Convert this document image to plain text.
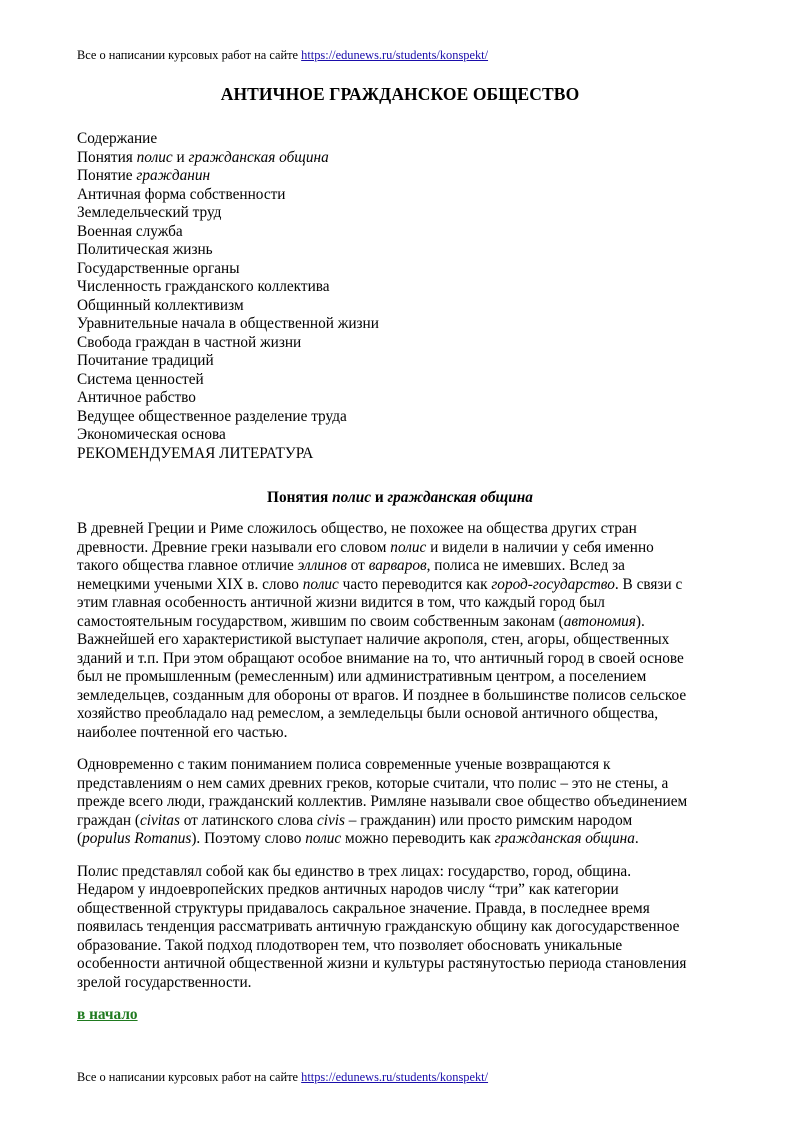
Все о написании курсовых работ на сайте https://edunews.ru/students/konspekt/
АНТИЧНОЕ ГРАЖДАНСКОЕ ОБЩЕСТВО
Содержание
Понятия полис и гражданская община
Понятие гражданин
Античная форма собственности
Земледельческий труд
Военная служба
Политическая жизнь
Государственные органы
Численность гражданского коллектива
Общинный коллективизм
Уравнительные начала в общественной жизни
Свобода граждан в частной жизни
Почитание традиций
Система ценностей
Античное рабство
Ведущее общественное разделение труда
Экономическая основа
РЕКОМЕНДУЕМАЯ ЛИТЕРАТУРА
Понятия полис и гражданская община

В древней Греции и Риме сложилось общество, не похожее на общества других стран
древности. Древние греки называли его словом полис и видели в наличии у себя именно
такого общества главное отличие эллинов от варваров, полиса не имевших. Вслед за
немецкими учеными XIX в. слово полис часто переводится как город-государство. В связи с
этим главная особенность античной жизни видится в том, что каждый город был
самостоятельным государством, жившим по своим собственным законам (автономия).
Важнейшей его характеристикой выступает наличие акрополя, стен, агоры, общественных
зданий и т.п. При этом обращают особое внимание на то, что античный город в своей основе
был не промышленным (ремесленным) или административным центром, а поселением
земледельцев, созданным для обороны от врагов. И позднее в большинстве полисов сельское
хозяйство преобладало над ремеслом, а земледельцы были основой античного общества,
наиболее почтенной его частью.

Одновременно с таким пониманием полиса современные ученые возвращаются к
представлениям о нем самих древних греков, которые считали, что полис – это не стены, а
прежде всего люди, гражданский коллектив. Римляне называли свое общество объединением
граждан (civitas от латинского слова civis – гражданин) или просто римским народом
(populus Romanus). Поэтому слово полис можно переводить как гражданская община.

Полис представлял собой как бы единство в трех лицах: государство, город, община.
Недаром у индоевропейских предков античных народов числу “три” как категории
общественной структуры придавалось сакральное значение. Правда, в последнее время
появилась тенденция рассматривать античную гражданскую общину как догосударственное
образование. Такой подход плодотворен тем, что позволяет обосновать уникальные
особенности античной общественной жизни и культуры растянутостью периода становления
зрелой государственности.

в начало
Все о написании курсовых работ на сайте https://edunews.ru/students/konspekt/
